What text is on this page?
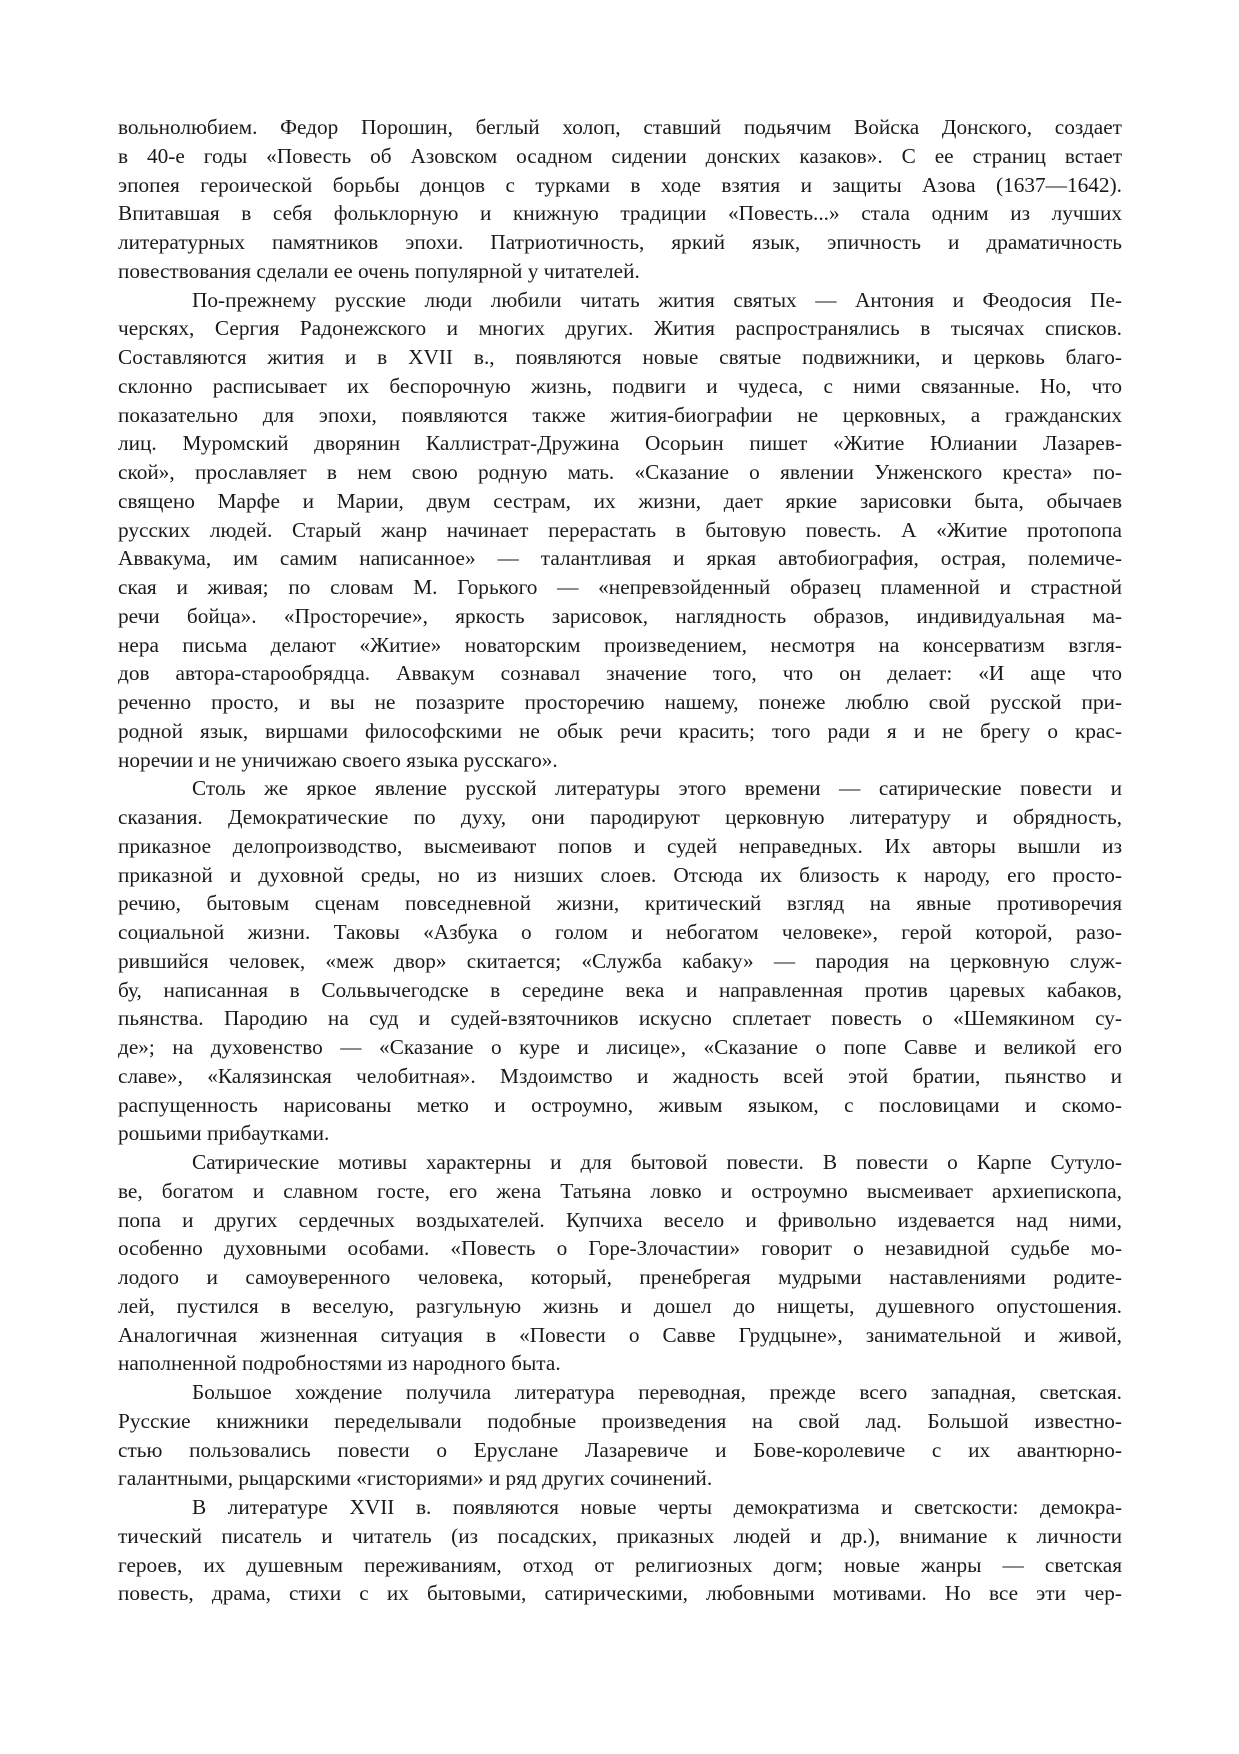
вольнолюбием. Федор Порошин, беглый холоп, ставший подьячим Войска Донского, создает
в 40-е годы «Повесть об Азовском осадном сидении донских казаков». С ее страниц встает
эпопея героической борьбы донцов с турками в ходе взятия и защиты Азова (1637—1642).
Впитавшая в себя фольклорную и книжную традиции «Повесть...» стала одним из лучших
литературных памятников эпохи. Патриотичность, яркий язык, эпичность и драматичность
повествования сделали ее очень популярной у читателей.

По-прежнему русские люди любили читать жития святых — Антония и Феодосия Пе-
черскях, Сергия Радонежского и многих других. Жития распространялись в тысячах списков.
Составляются жития и в XVII в., появляются новые святые подвижники, и церковь благо-
склонно расписывает их беспорочную жизнь, подвиги и чудеса, с ними связанные. Но, что
показательно для эпохи, появляются также жития-биографии не церковных, а гражданских
лиц. Муромский дворянин Каллистрат-Дружина Осорьин пишет «Житие Юлиании Лазарев-
ской», прославляет в нем свою родную мать. «Сказание о явлении Унженского креста» по-
священо Марфе и Марии, двум сестрам, их жизни, дает яркие зарисовки быта, обычаев
русских людей. Старый жанр начинает перерастать в бытовую повесть. А «Житие протопопа
Аввакума, им самим написанное» — талантливая и яркая автобиография, острая, полемиче-
ская и живая; по словам М. Горького — «непревзойденный образец пламенной и страстной
речи бойца». «Просторечие», яркость зарисовок, наглядность образов, индивидуальная ма-
нера письма делают «Житие» новаторским произведением, несмотря на консерватизм взгля-
дов автора-старообрядца. Аввакум сознавал значение того, что он делает: «И аще что
реченно просто, и вы не позазрите просторечию нашему, понеже люблю свой русской при-
родной язык, виршами философскими не обык речи красить; того ради я и не брегу о крас-
норечии и не уничижаю своего языка русскаго».

Столь же яркое явление русской литературы этого времени — сатирические повести и
сказания. Демократические по духу, они пародируют церковную литературу и обрядность,
приказное делопроизводство, высмеивают попов и судей неправедных. Их авторы вышли из
приказной и духовной среды, но из низших слоев. Отсюда их близость к народу, его просто-
речию, бытовым сценам повседневной жизни, критический взгляд на явные противоречия
социальной жизни. Таковы «Азбука о голом и небогатом человеке», герой которой, разо-
рившийся человек, «меж двор» скитается; «Служба кабаку» — пародия на церковную служ-
бу, написанная в Сольвычегодске в середине века и направленная против царевых кабаков,
пьянства. Пародию на суд и судей-взяточников искусно сплетает повесть о «Шемякином су-
де»; на духовенство — «Сказание о куре и лисице», «Сказание о попе Савве и великой его
славе», «Калязинская челобитная». Мздоимство и жадность всей этой братии, пьянство и
распущенность нарисованы метко и остроумно, живым языком, с пословицами и скомо-
рошьими прибаутками.

Сатирические мотивы характерны и для бытовой повести. В повести о Карпе Сутуло-
ве, богатом и славном госте, его жена Татьяна ловко и остроумно высмеивает архиепископа,
попа и других сердечных воздыхателей. Купчиха весело и фривольно издевается над ними,
особенно духовными особами. «Повесть о Горе-Злочастии» говорит о незавидной судьбе мо-
лодого и самоуверенного человека, который, пренебрегая мудрыми наставлениями родите-
лей, пустился в веселую, разгульную жизнь и дошел до нищеты, душевного опустошения.
Аналогичная жизненная ситуация в «Повести о Савве Грудцыне», занимательной и живой,
наполненной подробностями из народного быта.

Большое хождение получила литература переводная, прежде всего западная, светская.
Русские книжники переделывали подобные произведения на свой лад. Большой известно-
стью пользовались повести о Еруслане Лазаревиче и Бове-королевиче с их авантюрно-
галантными, рыцарскими «гисториями» и ряд других сочинений.

В литературе XVII в. появляются новые черты демократизма и светскости: демокра-
тический писатель и читатель (из посадских, приказных людей и др.), внимание к личности
героев, их душевным переживаниям, отход от религиозных догм; новые жанры — светская
повесть, драма, стихи с их бытовыми, сатирическими, любовными мотивами. Но все эти чер-
